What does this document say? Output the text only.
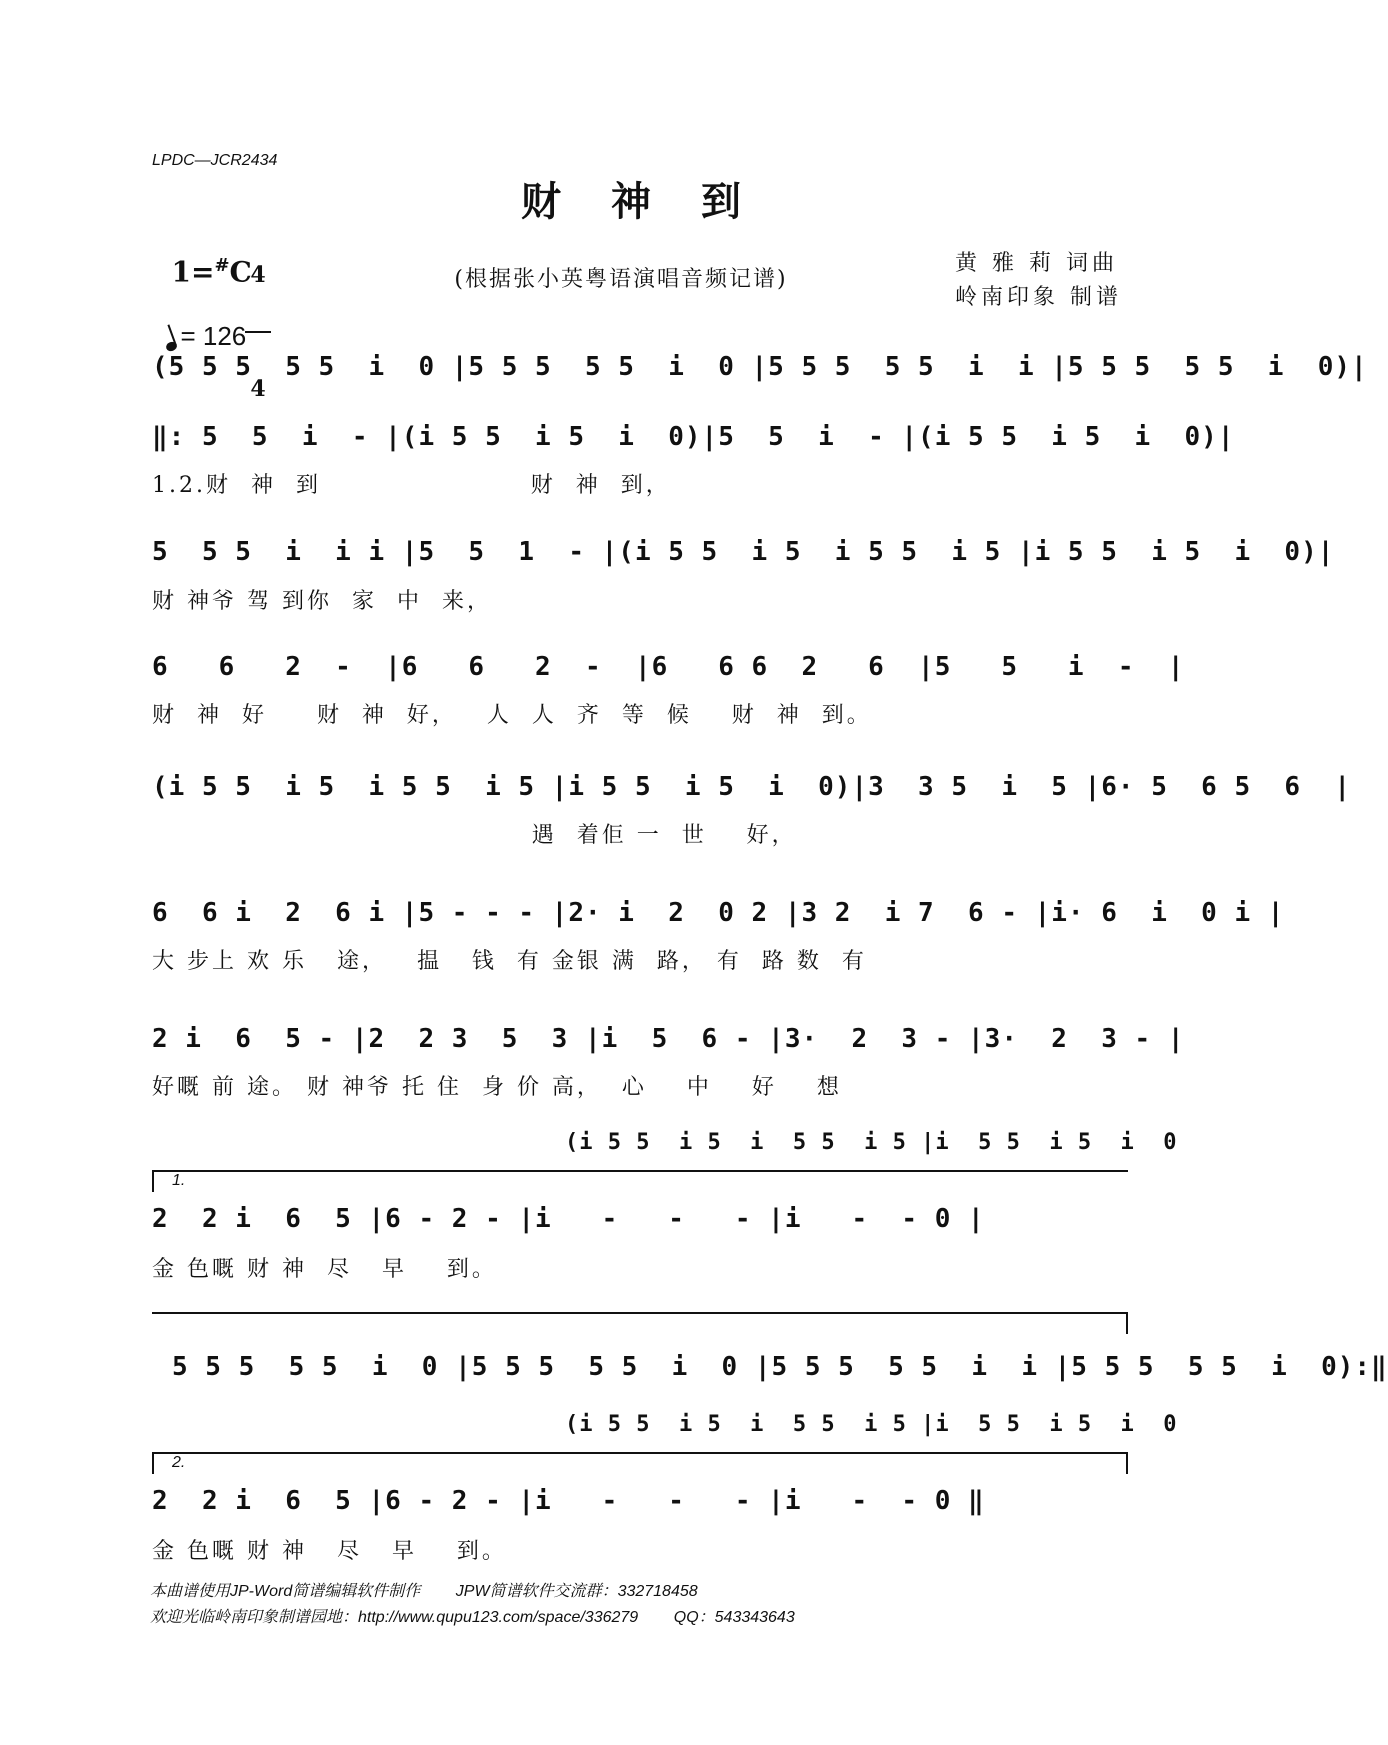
LPDC—JCR2434
财神到

1=#C

4

4

(根据张小英粤语演唱音频记谱)
黄 雅 莉 词曲
岭南印象 制谱

= 126

(5 5 5  5 5  i  0 |5 5 5  5 5  i  0 |5 5 5  5 5  i  i |5 5 5  5 5  i  0)|
‖: 5  5  i  - |(i 5 5  i 5  i  0)|5  5  i  - |(i 5 5  i 5  i  0)|
1.2.财  神  到                     财  神  到，
5  5 5  i  i i |5  5  1  - |(i 5 5  i 5  i 5 5  i 5 |i 5 5  i 5  i  0)|
财 神爷 驾 到你  家  中  来，
6   6   2  -  |6   6   2  -  |6   6 6  2   6  |5   5   i  -  |
财  神  好     财  神  好，   人  人  齐  等  候    财  神  到。
(i 5 5  i 5  i 5 5  i 5 |i 5 5  i 5  i  0)|3  3 5  i  5 |6· 5  6 5  6  |
遇  着佢 一  世    好，
6  6 i  2  6 i |5 - - - |2· i  2  0 2 |3 2  i 7  6 - |i· 6  i  0 i |
大 步上 欢 乐   途，   揾   钱  有 金银 满  路， 有  路 数  有
2 i  6  5 - |2  2 3  5  3 |i  5  6 - |3·  2  3 - |3·  2  3 - |
好嘅 前 途。 财 神爷 托 住  身 价 高，  心    中    好    想
(i 5 5  i 5  i  5 5  i 5 |i  5 5  i 5  i  0
1.
2  2 i  6  5 |6 - 2 - |i   -   -   - |i   -  - 0 |
金 色嘅 财 神  尽   早    到。
5 5 5  5 5  i  0 |5 5 5  5 5  i  0 |5 5 5  5 5  i  i |5 5 5  5 5  i  0):‖
(i 5 5  i 5  i  5 5  i 5 |i  5 5  i 5  i  0
2.
2  2 i  6  5 |6 - 2 - |i   -   -   - |i   -  - 0 ‖
金 色嘅 财 神   尽   早    到。
本曲谱使用JP-Word简谱编辑软件制作        JPW简谱软件交流群：332718458
欢迎光临岭南印象制谱园地：http://www.qupu123.com/space/336279        QQ：543343643
